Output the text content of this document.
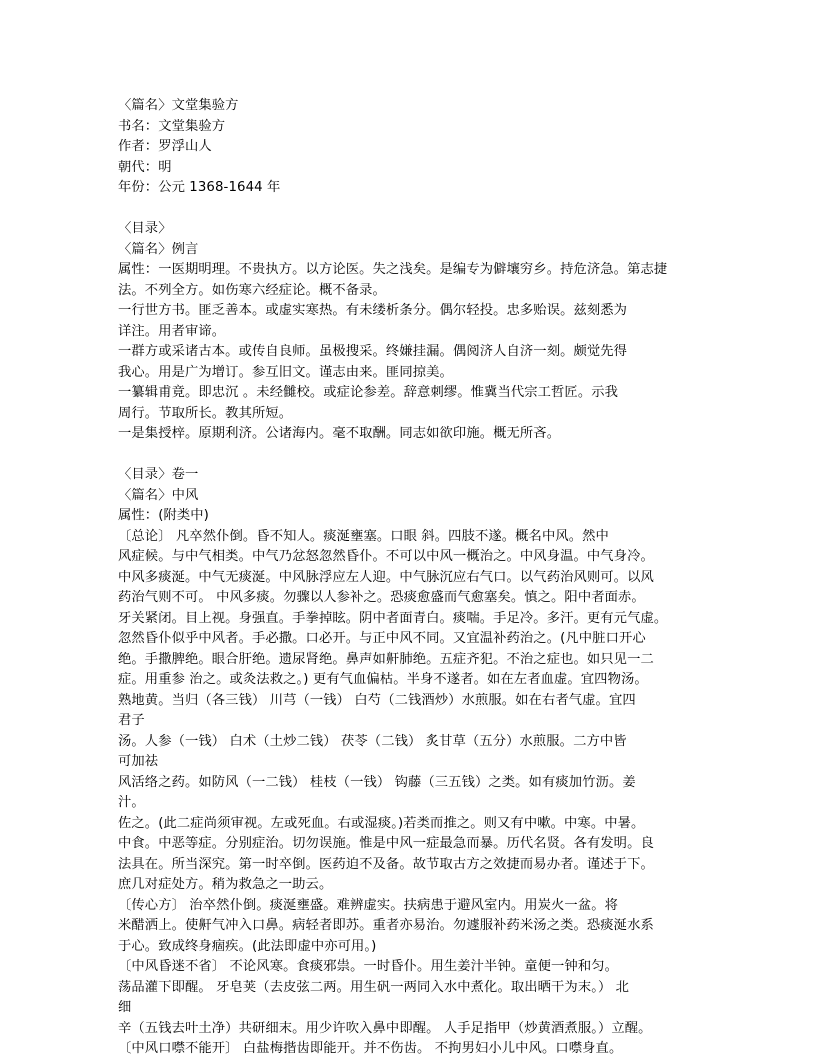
〈篇名〉文堂集验方
书名：文堂集验方
作者：罗浮山人
朝代：明
年份：公元 1368-1644 年
〈目录〉
〈篇名〉例言
属性：一医期明理。不贵执方。以方论医。失之浅矣。是编专为僻壤穷乡。持危济急。第志捷
法。不列全方。如伤寒六经症论。概不备录。
一行世方书。匪乏善本。或虚实寒热。有未缕析条分。偶尔轻投。忠多贻误。兹刻悉为
详注。用者审谛。
一群方或采诸古本。或传自良师。虽极搜采。终嫌挂漏。偶阅济人自济一刻。颇觉先得
我心。用是广为增订。参互旧文。谨志由来。匪同掠美。
一纂辑甫竟。即忠沉 。未经雠校。或症论参差。辞意刺缪。惟冀当代宗工哲匠。示我
周行。节取所长。教其所短。
一是集授梓。原期利济。公诸海内。毫不取酬。同志如欲印施。概无所吝。
〈目录〉卷一
〈篇名〉中风
属性：(附类中)
〔总论〕 凡卒然仆倒。昏不知人。痰涎壅塞。口眼 斜。四肢不遂。概名中风。然中
风症候。与中气相类。中气乃忿怒忽然昏仆。不可以中风一概治之。中风身温。中气身冷。
中风多痰涎。中气无痰涎。中风脉浮应左人迎。中气脉沉应右气口。以气药治风则可。以风
药治气则不可。 中风多痰。勿骤以人参补之。恐痰愈盛而气愈塞矣。慎之。阳中者面赤。
牙关紧闭。目上视。身强直。手拳掉眩。阴中者面青白。痰喘。手足冷。多汗。更有元气虚。
忽然昏仆似乎中风者。手必撒。口必开。与正中风不同。又宜温补药治之。(凡中脏口开心
绝。手撒脾绝。眼合肝绝。遗尿肾绝。鼻声如鼾肺绝。五症齐犯。不治之症也。如只见一二
症。用重参 治之。或灸法救之。) 更有气血偏枯。半身不遂者。如在左者血虚。宜四物汤。
熟地黄。当归（各三钱） 川芎（一钱） 白芍（二钱酒炒）水煎服。如在右者气虚。宜四
君子
汤。人参（一钱） 白术（土炒二钱） 茯苓（二钱） 炙甘草（五分）水煎服。二方中皆
可加祛
风活络之药。如防风（一二钱） 桂枝（一钱） 钩藤（三五钱）之类。如有痰加竹沥。姜
汁。
佐之。(此二症尚须审视。左或死血。右或湿痰。)若类而推之。则又有中嗽。中寒。中暑。
中食。中恶等症。分别症治。切勿误施。惟是中风一症最急而暴。历代名贤。各有发明。良
法具在。所当深究。第一时卒倒。医药迫不及备。故节取古方之效捷而易办者。谨述于下。
庶几对症处方。稍为救急之一助云。
〔传心方〕 治卒然仆倒。痰涎壅盛。难辨虚实。扶病患于避风室内。用炭火一盆。将
米醋洒上。使鼾气冲入口鼻。病轻者即苏。重者亦易治。勿遽服补药米汤之类。恐痰涎水系
于心。致成终身痼疾。(此法即虚中亦可用。)
〔中风昏迷不省〕 不论风寒。食痰邪祟。一时昏仆。用生姜汁半钟。童便一钟和匀。
荡品灌下即醒。 牙皂荚（去皮弦二两。用生矾一两同入水中煮化。取出晒干为末。） 北
细
辛（五钱去叶土净）共研细末。用少许吹入鼻中即醒。 人手足指甲（炒黄酒煮服。）立醒。
〔中风口噤不能开〕 白盐梅揩齿即能开。并不伤齿。 不拘男妇小儿中风。口噤身直。
